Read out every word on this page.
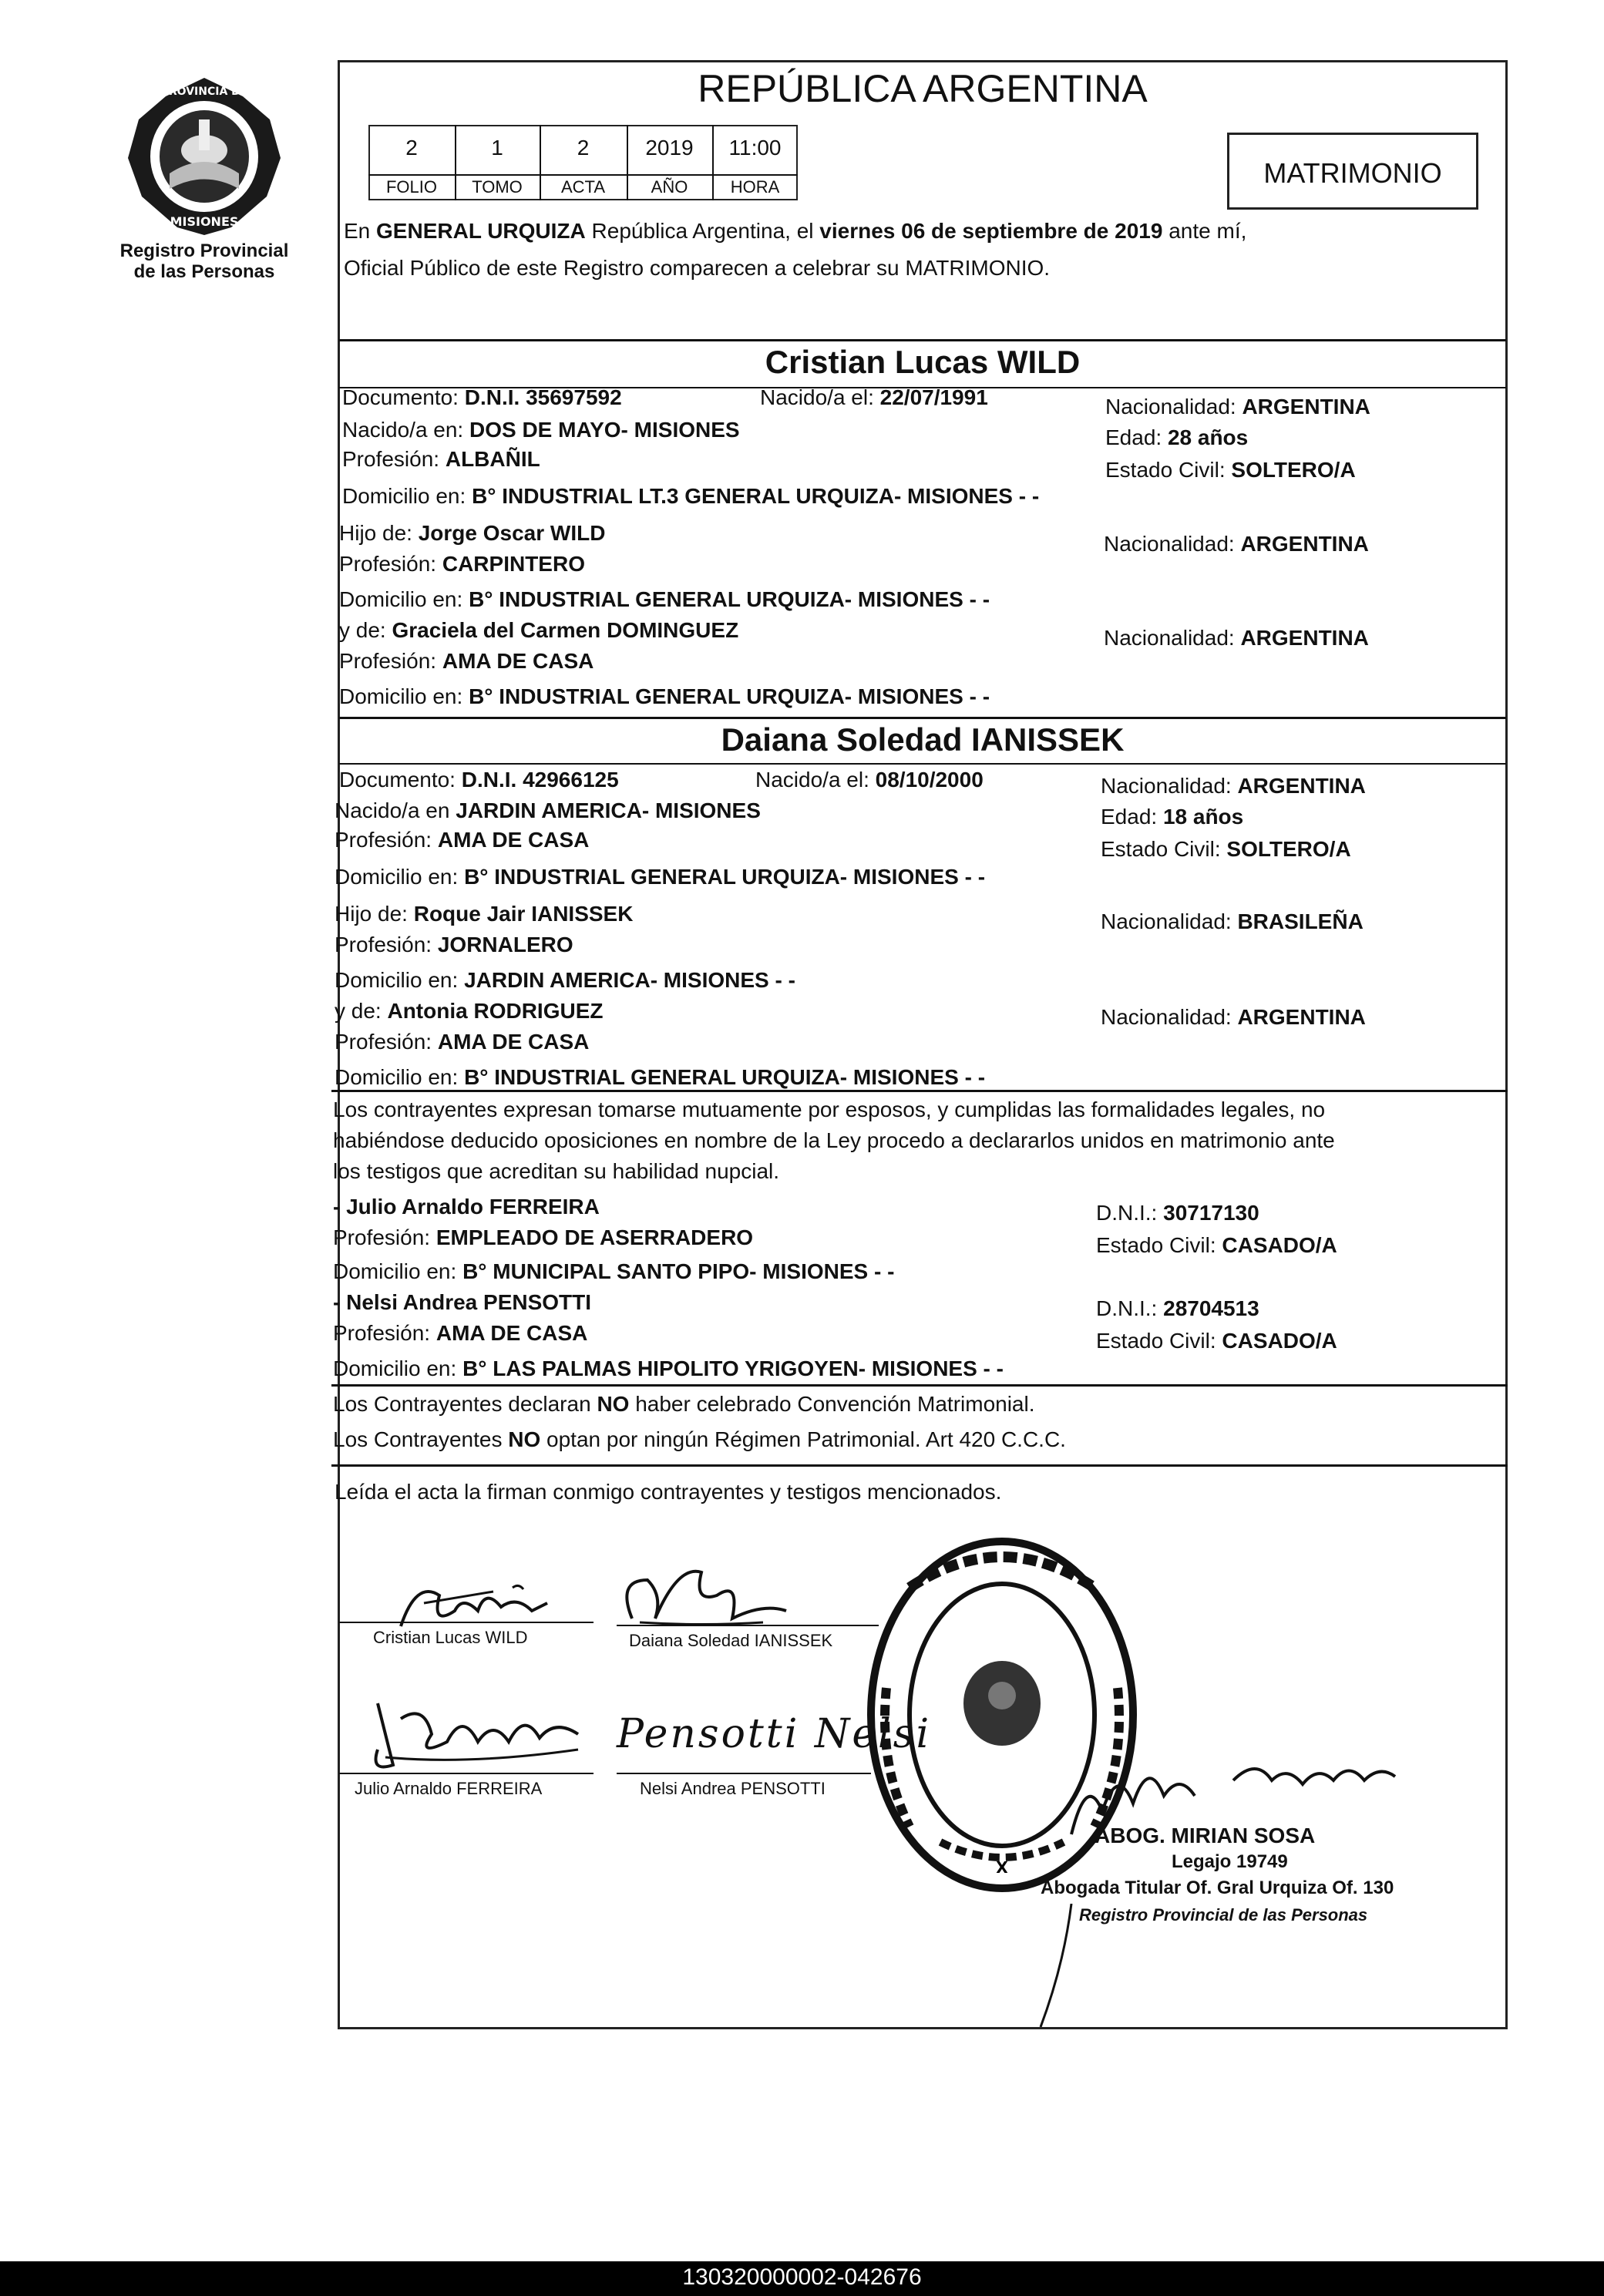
PROVINCIA DE
MISIONES
Registro Provincial
de las Personas
REPÚBLICA ARGENTINA
2	1	2	2019	11:00
FOLIO	TOMO	ACTA	AÑO	HORA	MATRIMONIO
En GENERAL URQUIZA República Argentina, el viernes 06 de septiembre de 2019 ante mí,
Oficial Público de este Registro comparecen a celebrar su MATRIMONIO.
Cristian Lucas WILD
Documento: D.N.I. 35697592	Nacido/a el: 22/07/1991	Nacionalidad: ARGENTINA
Nacido/a en: DOS DE MAYO- MISIONES	Edad: 28 años
Profesión: ALBAÑIL	Estado Civil: SOLTERO/A
Domicilio en: B° INDUSTRIAL LT.3 GENERAL URQUIZA- MISIONES - -
Hijo de: Jorge Oscar WILD	Nacionalidad: ARGENTINA
Profesión: CARPINTERO
Domicilio en: B° INDUSTRIAL GENERAL URQUIZA- MISIONES - -
y de: Graciela del Carmen DOMINGUEZ	Nacionalidad: ARGENTINA
Profesión: AMA DE CASA
Domicilio en: B° INDUSTRIAL GENERAL URQUIZA- MISIONES - -
Daiana Soledad IANISSEK
Documento: D.N.I. 42966125	Nacido/a el: 08/10/2000	Nacionalidad: ARGENTINA
Nacido/a en JARDIN AMERICA- MISIONES	Edad: 18 años
Profesión: AMA DE CASA	Estado Civil: SOLTERO/A
Domicilio en: B° INDUSTRIAL GENERAL URQUIZA- MISIONES - -
Hijo de: Roque Jair IANISSEK	Nacionalidad: BRASILEÑA
Profesión: JORNALERO
Domicilio en: JARDIN AMERICA- MISIONES - -
y de: Antonia RODRIGUEZ	Nacionalidad: ARGENTINA
Profesión: AMA DE CASA
Domicilio en: B° INDUSTRIAL GENERAL URQUIZA- MISIONES - -
Los contrayentes expresan tomarse mutuamente por esposos, y cumplidas las formalidades legales, no
habiéndose deducido oposiciones en nombre de la Ley procedo a declararlos unidos en matrimonio ante
los testigos que acreditan su habilidad nupcial.
- Julio Arnaldo FERREIRA	D.N.I.: 30717130
Profesión: EMPLEADO DE ASERRADERO	Estado Civil: CASADO/A
Domicilio en: B° MUNICIPAL SANTO PIPO- MISIONES - -
- Nelsi Andrea PENSOTTI	D.N.I.: 28704513
Profesión: AMA DE CASA	Estado Civil: CASADO/A
Domicilio en: B° LAS PALMAS HIPOLITO YRIGOYEN- MISIONES - -
Los Contrayentes declaran NO haber celebrado Convención Matrimonial.
Los Contrayentes NO optan por ningún Régimen Patrimonial. Art 420 C.C.C.
Leída el acta la firman conmigo contrayentes y testigos mencionados.
Cristian Lucas WILD	Daiana Soledad IANISSEK
Julio Arnaldo FERREIRA
Pensotti Nelsi
Nelsi Andrea PENSOTTI
X
ABOG. MIRIAN SOSA
Legajo 19749
Abogada Titular Of. Gral Urquiza Of. 130
Registro Provincial de las Personas
130320000002-042676
